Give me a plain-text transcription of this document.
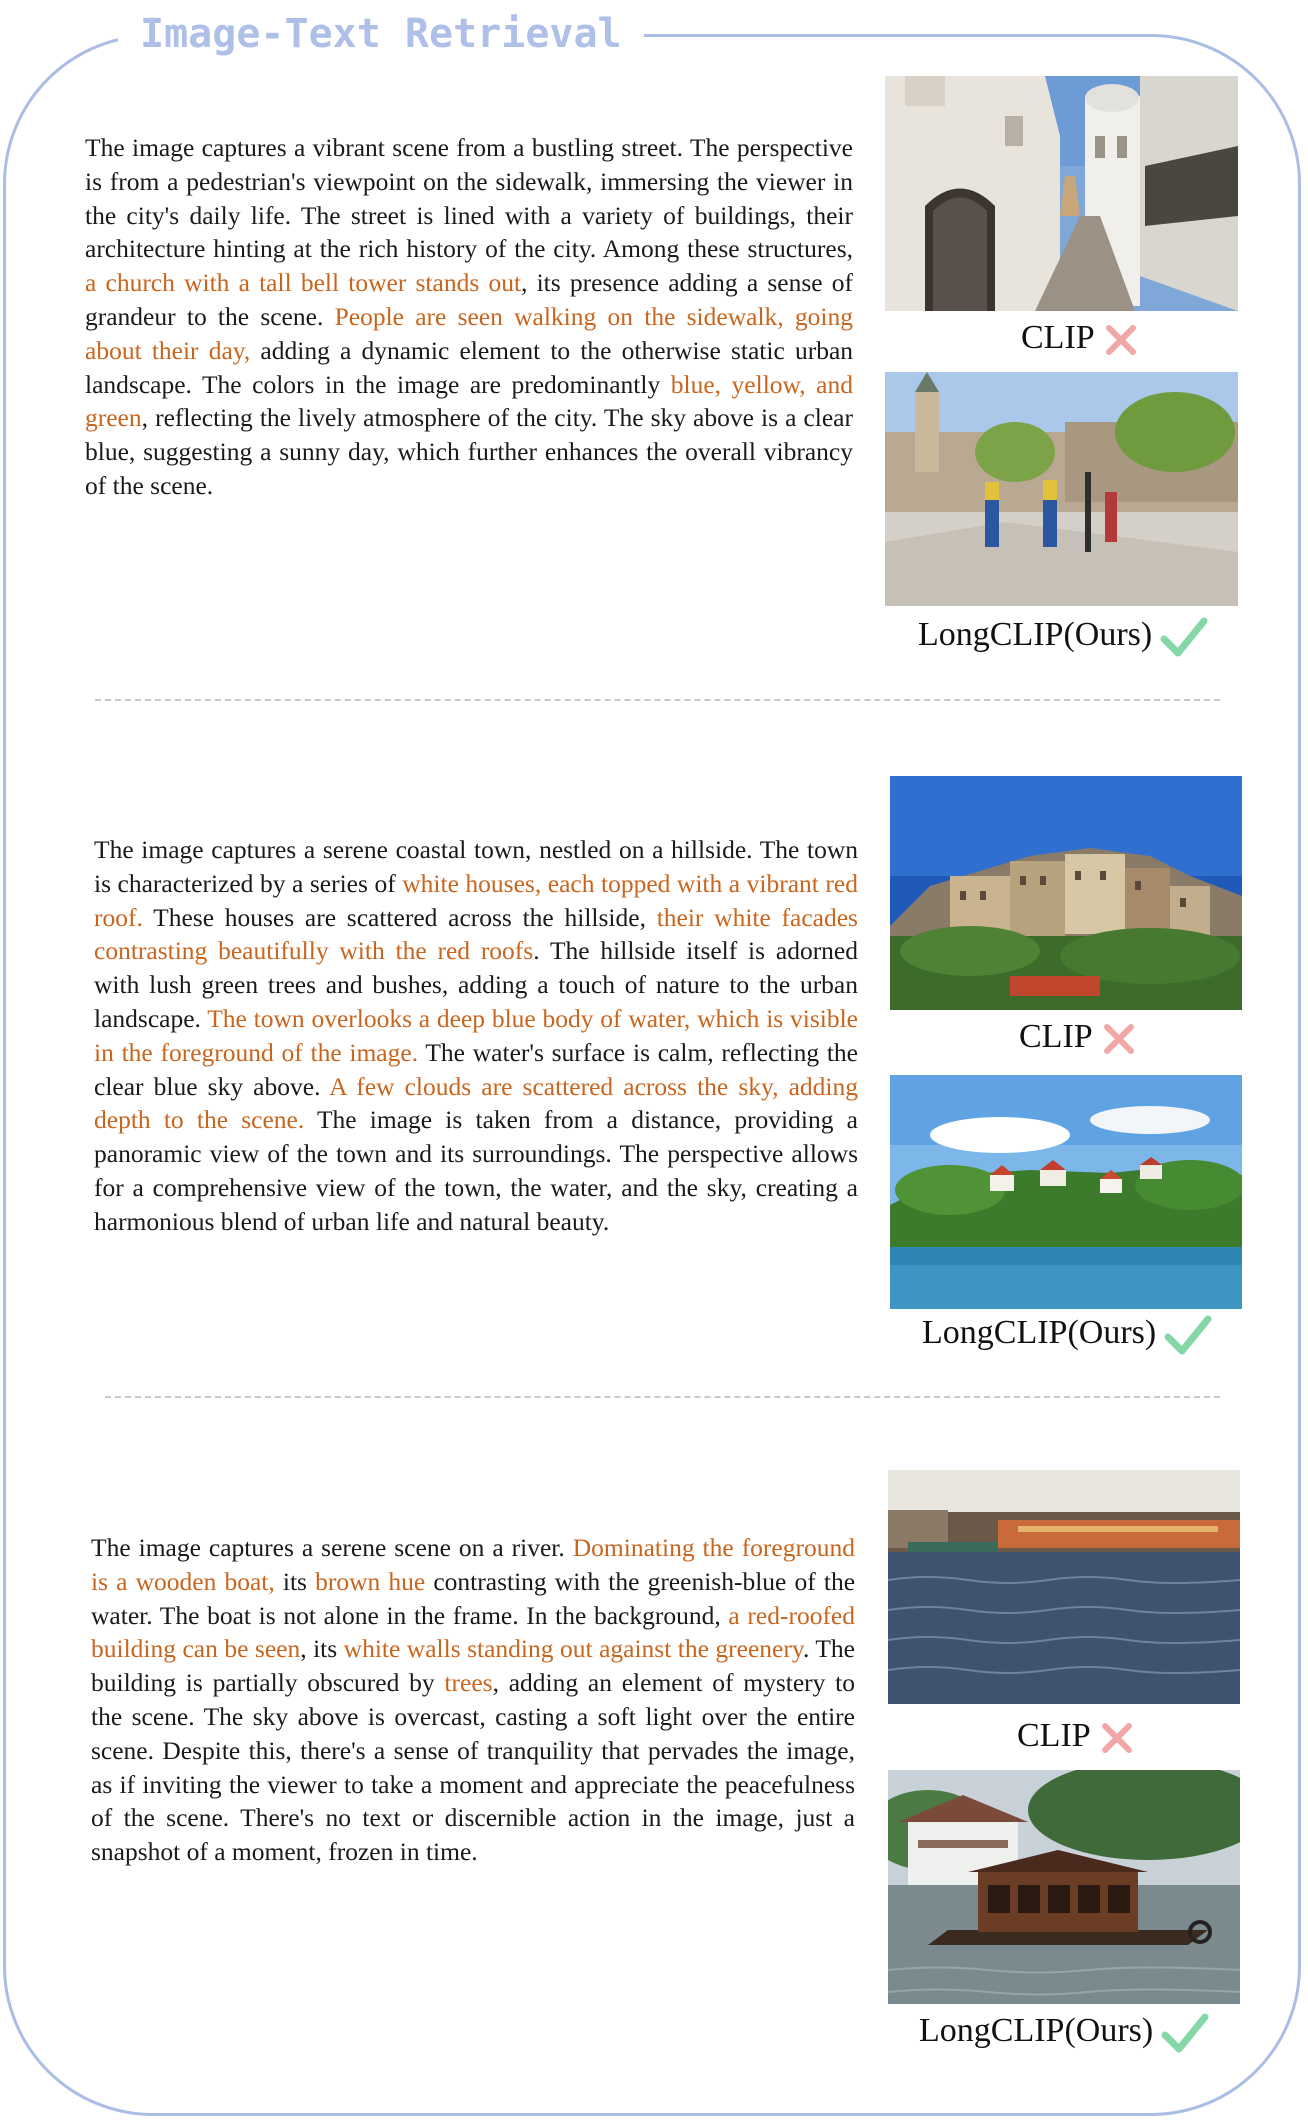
Image-Text Retrieval

The image captures a vibrant scene from a bustling street. The perspective is from a pedestrian's viewpoint on the sidewalk, immersing the viewer in the city's daily life. The street is lined with a variety of buildings, their architecture hinting at the rich history of the city. Among these structures, a church with a tall bell tower stands out, its presence adding a sense of grandeur to the scene. People are seen walking on the sidewalk, going about their day, adding a dynamic element to the otherwise static urban landscape. The colors in the image are predominantly blue, yellow, and green, reflecting the lively atmosphere of the city. The sky above is a clear blue, suggesting a sunny day, which further enhances the overall vibrancy of the scene.

CLIP
LongCLIP(Ours)

The image captures a serene coastal town, nestled on a hillside. The town is characterized by a series of white houses, each topped with a vibrant red roof. These houses are scattered across the hillside, their white facades contrasting beautifully with the red roofs. The hillside itself is adorned with lush green trees and bushes, adding a touch of nature to the urban landscape. The town overlooks a deep blue body of water, which is visible in the foreground of the image. The water's surface is calm, reflecting the clear blue sky above. A few clouds are scattered across the sky, adding depth to the scene. The image is taken from a distance, providing a panoramic view of the town and its surroundings. The perspective allows for a comprehensive view of the town, the water, and the sky, creating a harmonious blend of urban life and natural beauty.

CLIP
LongCLIP(Ours)

The image captures a serene scene on a river. Dominating the foreground is a wooden boat, its brown hue contrasting with the greenish-blue of the water. The boat is not alone in the frame. In the background, a red-roofed building can be seen, its white walls standing out against the greenery. The building is partially obscured by trees, adding an element of mystery to the scene. The sky above is overcast, casting a soft light over the entire scene. Despite this, there's a sense of tranquility that pervades the image, as if inviting the viewer to take a moment and appreciate the peacefulness of the scene. There's no text or discernible action in the image, just a snapshot of a moment, frozen in time.

CLIP
LongCLIP(Ours)
